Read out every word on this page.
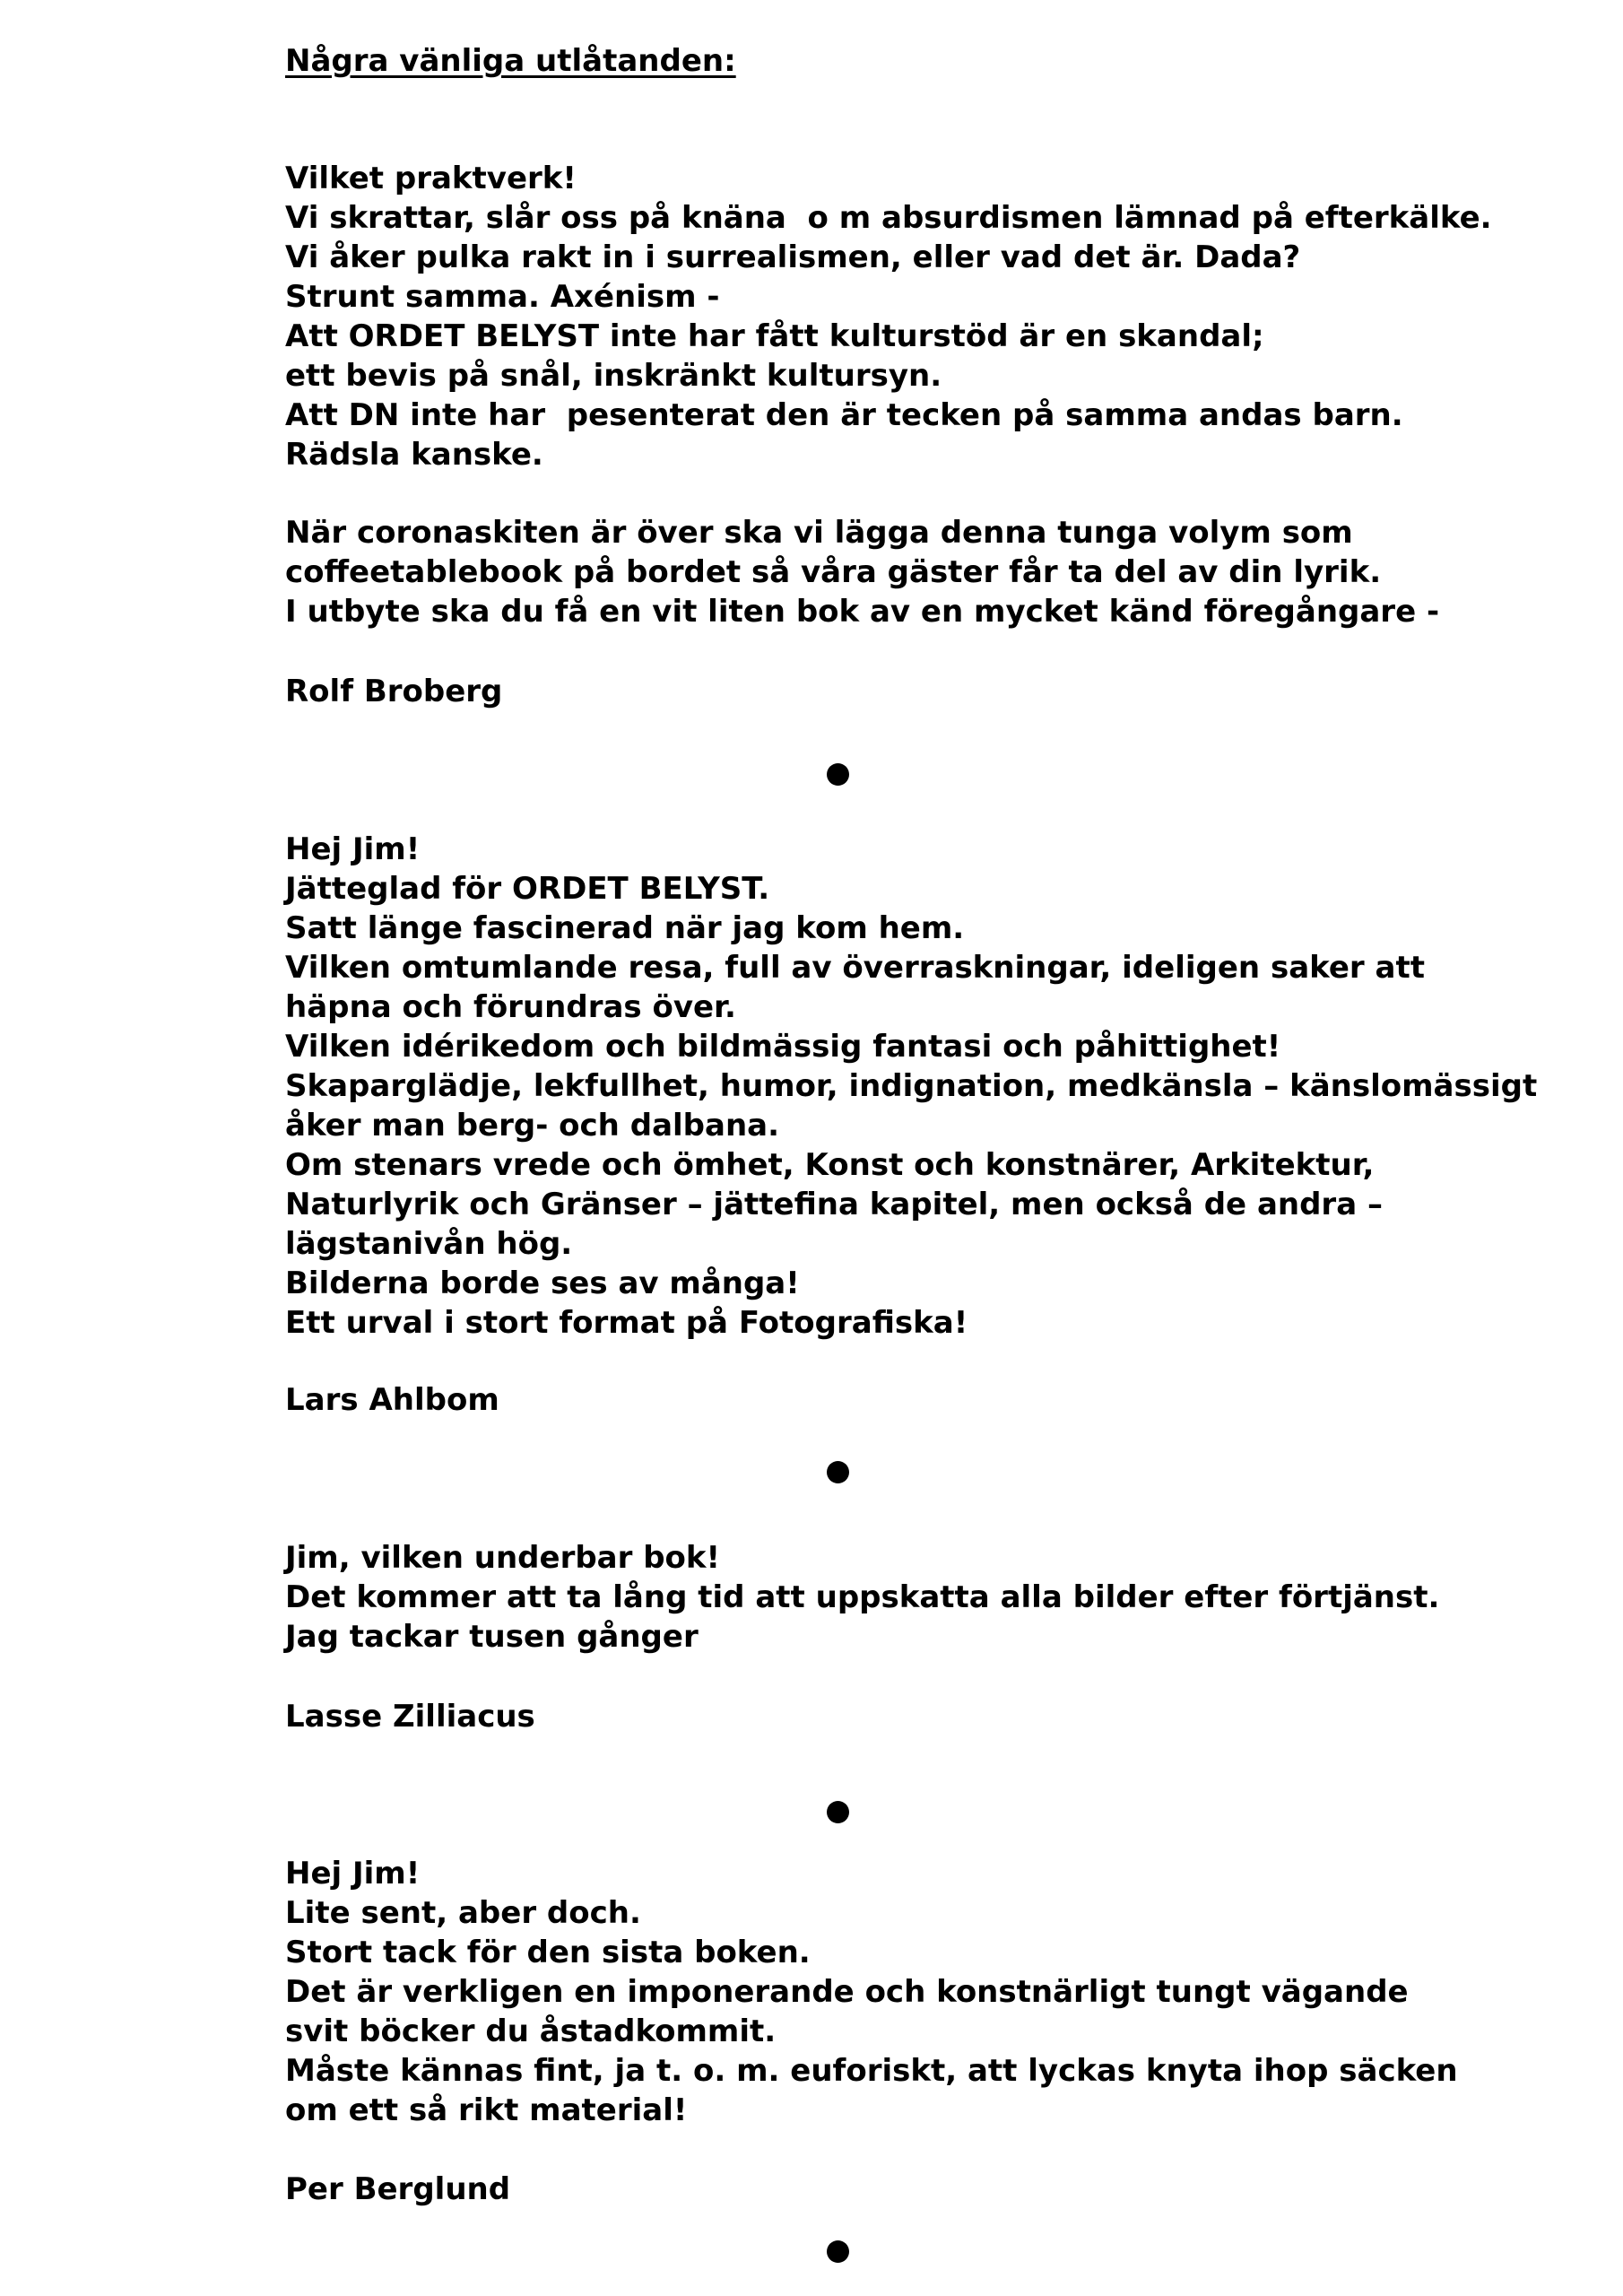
Några vänliga utlåtanden:
Vilket praktverk!
Vi skrattar, slår oss på knäna  o m absurdismen lämnad på efterkälke.
Vi åker pulka rakt in i surrealismen, eller vad det är. Dada?
Strunt samma. Axénism -
Att ORDET BELYST inte har fått kulturstöd är en skandal;
ett bevis på snål, inskränkt kultursyn.
Att DN inte har  pesenterat den är tecken på samma andas barn.
Rädsla kanske.
När coronaskiten är över ska vi lägga denna tunga volym som
coffeetablebook på bordet så våra gäster får ta del av din lyrik.
I utbyte ska du få en vit liten bok av en mycket känd föregångare -
Rolf Broberg
Hej Jim!
Jätteglad för ORDET BELYST.
Satt länge fascinerad när jag kom hem.
Vilken omtumlande resa, full av överraskningar, ideligen saker att
häpna och förundras över.
Vilken idérikedom och bildmässig fantasi och påhittighet!
Skaparglädje, lekfullhet, humor, indignation, medkänsla – känslomässigt
åker man berg- och dalbana.
Om stenars vrede och ömhet, Konst och konstnärer, Arkitektur,
Naturlyrik och Gränser – jättefina kapitel, men också de andra –
lägstanivån hög.
Bilderna borde ses av många!
Ett urval i stort format på Fotografiska!
Lars Ahlbom
Jim, vilken underbar bok!
Det kommer att ta lång tid att uppskatta alla bilder efter förtjänst.
Jag tackar tusen gånger
Lasse Zilliacus
Hej Jim!
Lite sent, aber doch.
Stort tack för den sista boken.
Det är verkligen en imponerande och konstnärligt tungt vägande
svit böcker du åstadkommit.
Måste kännas fint, ja t. o. m. euforiskt, att lyckas knyta ihop säcken
om ett så rikt material!
Per Berglund
